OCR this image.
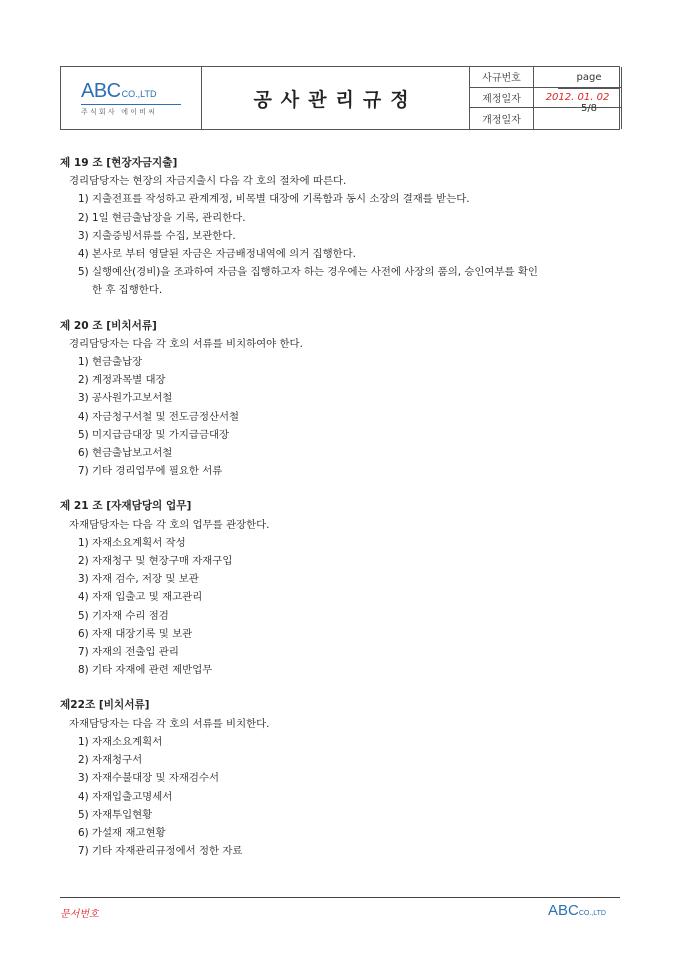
ABCCO.,LTD
주식회사 에이비씨
공사관리규정
사규번호
제정일자	2012. 01. 02
개정일자
page
5/8
제 19 조 [현장자금지출]
경리담당자는 현장의 자금지출시 다음 각 호의 절차에 따른다.
1) 지출전표를 작성하고 관계계정, 비목별 대장에 기록함과 동시 소장의 결재를 받는다.
2) 1일 현금출납장을 기록, 관리한다.
3) 지출증빙서류를 수집, 보관한다.
4) 본사로 부터 영달된 자금은 자금배정내역에 의거 집행한다.
5) 실행예산(경비)을 조과하여 자금을 집행하고자 하는 경우에는 사전에 사장의 품의, 승인여부를 확인
한 후 집행한다.
제 20 조 [비치서류]
경리담당자는 다음 각 호의 서류를 비치하여야 한다.
1) 현금출납장
2) 계정과목별 대장
3) 공사원가고보서철
4) 자금청구서철 및 전도금정산서철
5) 미지급금대장 및 가지급금대장
6) 현금출납보고서철
7) 기타 경리업무에 필요한 서류
제 21 조 [자재담당의 업무]
자재담당자는 다음 각 호의 업무를 관장한다.
1) 자재소요계획서 작성
2) 자재청구 및 현장구매 자재구입
3) 자재 검수, 저장 및 보관
4) 자재 입출고 및 재고관리
5) 기자재 수리 점검
6) 자재 대장기록 및 보관
7) 자재의 전출입 관리
8) 기타 자재에 관련 제반업무
제22조 [비치서류]
자재담당자는 다음 각 호의 서류를 비치한다.
1) 자재소요계획서
2) 자재청구서
3) 자재수불대장 및 자재검수서
4) 자재입출고명세서
5) 자재투입현황
6) 가설재 재고현황
7) 기타 자재관리규정에서 정한 자료
문서번호	ABCCO.,LTD
